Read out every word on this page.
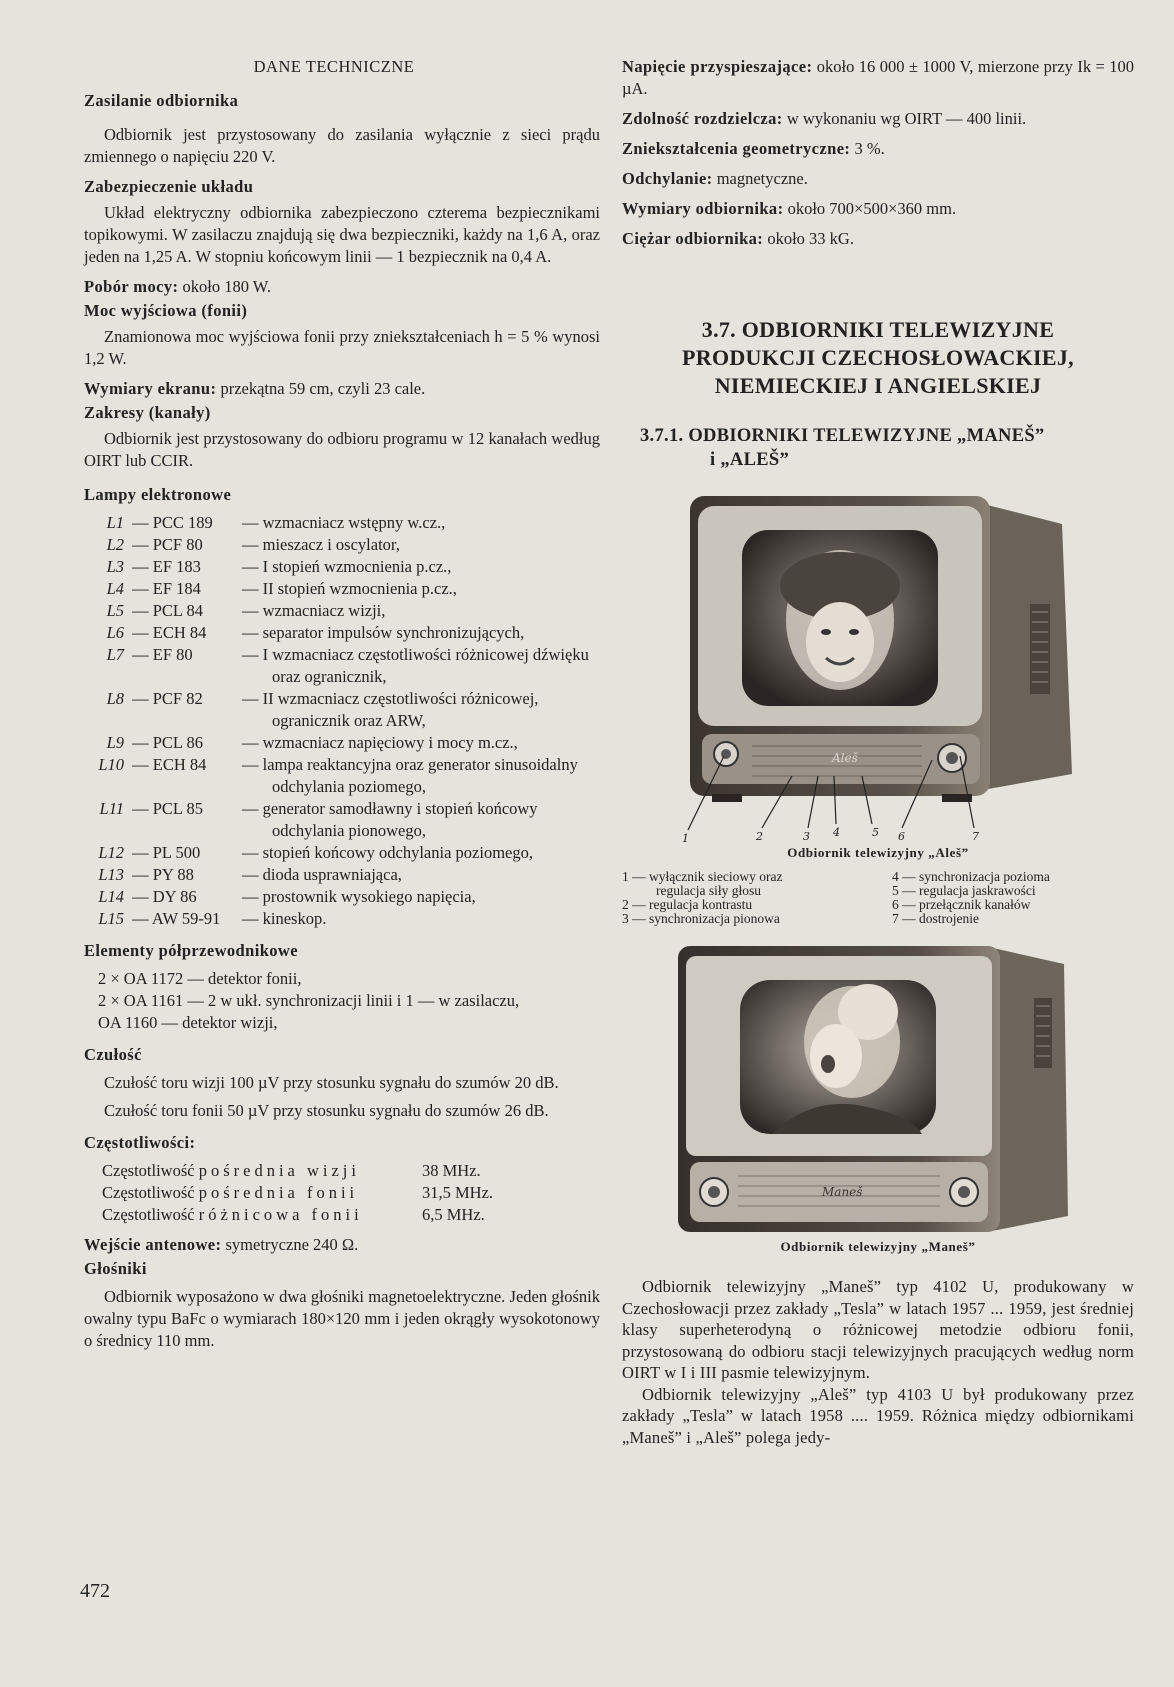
DANE TECHNICZNE

Zasilanie odbiornika

Odbiornik jest przystosowany do zasilania wyłącznie z sieci prądu zmiennego o napięciu 220 V.

Zabezpieczenie układu

Układ elektryczny odbiornika zabezpieczono czterema bezpiecznikami topikowymi. W zasilaczu znajdują się dwa bezpieczniki, każdy na 1,6 A, oraz jeden na 1,25 A. W stopniu końcowym linii — 1 bezpiecznik na 0,4 A.

Pobór mocy: około 180 W.

Moc wyjściowa (fonii)

Znamionowa moc wyjściowa fonii przy zniekształceniach h = 5 % wynosi 1,2 W.

Wymiary ekranu: przekątna 59 cm, czyli 23 cale.

Zakresy (kanały)

Odbiornik jest przystosowany do odbioru programu w 12 kanałach według OIRT lub CCIR.

Lampy elektronowe

L1 — PCC 189	— wzmacniacz wstępny w.cz.,
L2 — PCF 80	— mieszacz i oscylator,
L3 — EF 183	— I stopień wzmocnienia p.cz.,
L4 — EF 184	— II stopień wzmocnienia p.cz.,
L5 — PCL 84	— wzmacniacz wizji,
L6 — ECH 84	— separator impulsów synchronizujących,
L7 — EF 80	— I wzmacniacz częstotliwości różnicowej dźwięku oraz ogranicznik,
L8 — PCF 82	— II wzmacniacz częstotliwości różnicowej, ogranicznik oraz ARW,
L9 — PCL 86	— wzmacniacz napięciowy i mocy m.cz.,
L10 — ECH 84	— lampa reaktancyjna oraz generator sinusoidalny odchylania poziomego,
L11 — PCL 85	— generator samodławny i stopień końcowy odchylania pionowego,
L12 — PL 500	— stopień końcowy odchylania poziomego,
L13 — PY 88	— dioda usprawniająca,
L14 — DY 86	— prostownik wysokiego napięcia,
L15 — AW 59-91	— kineskop.

Elementy półprzewodnikowe

2 × OA 1172 — detektor fonii,

2 × OA 1161 — 2 w ukł. synchronizacji linii i 1 — w zasilaczu,

OA 1160 — detektor wizji,

Czułość

Czułość toru wizji 100 µV przy stosunku sygnału do szumów 20 dB.

Czułość toru fonii 50 µV przy stosunku sygnału do szumów 26 dB.

Częstotliwości:

Częstotliwość pośrednia wizji	38 MHz.
Częstotliwość pośrednia fonii	31,5 MHz.
Częstotliwość różnicowa fonii	6,5 MHz.

Wejście antenowe: symetryczne 240 Ω.

Głośniki

Odbiornik wyposażono w dwa głośniki magnetoelektryczne. Jeden głośnik owalny typu BaFc o wymiarach 180×120 mm i jeden okrągły wysokotonowy o średnicy 110 mm.

Napięcie przyspieszające: około 16 000 ± 1000 V, mierzone przy Ik = 100 µA.

Zdolność rozdzielcza: w wykonaniu wg OIRT — 400 linii.

Zniekształcenia geometryczne: 3 %.

Odchylanie: magnetyczne.

Wymiary odbiornika: około 700×500×360 mm.

Ciężar odbiornika: około 33 kG.

3.7. ODBIORNIKI TELEWIZYJNE

PRODUKCJI CZECHOSŁOWACKIEJ,

NIEMIECKIEJ I ANGIELSKIEJ

3.7.1. ODBIORNIKI TELEWIZYJNE „MANEŠ”

i „ALEŠ”

Aleš
1	2	3 4	5 6	7

Odbiornik telewizyjny „Aleš”

1 — wyłącznik sieciowy oraz

regulacja siły głosu

2 — regulacja kontrastu

3 — synchronizacja pionowa

4 — synchronizacja pozioma

5 — regulacja jaskrawości

6 — przełącznik kanałów

7 — dostrojenie

Maneš

Odbiornik telewizyjny „Maneš”

Odbiornik telewizyjny „Maneš” typ 4102 U, produkowany w Czechosłowacji przez zakłady „Tesla” w latach 1957 ... 1959, jest średniej klasy superheterodyną o różnicowej metodzie odbioru fonii, przystosowaną do odbioru stacji telewizyjnych pracujących według norm OIRT w I i III pasmie telewizyjnym.

Odbiornik telewizyjny „Aleš” typ 4103 U był produkowany przez zakłady „Tesla” w latach 1958 .... 1959. Różnica między odbiornikami „Maneš” i „Aleš” polega jedy-

472
